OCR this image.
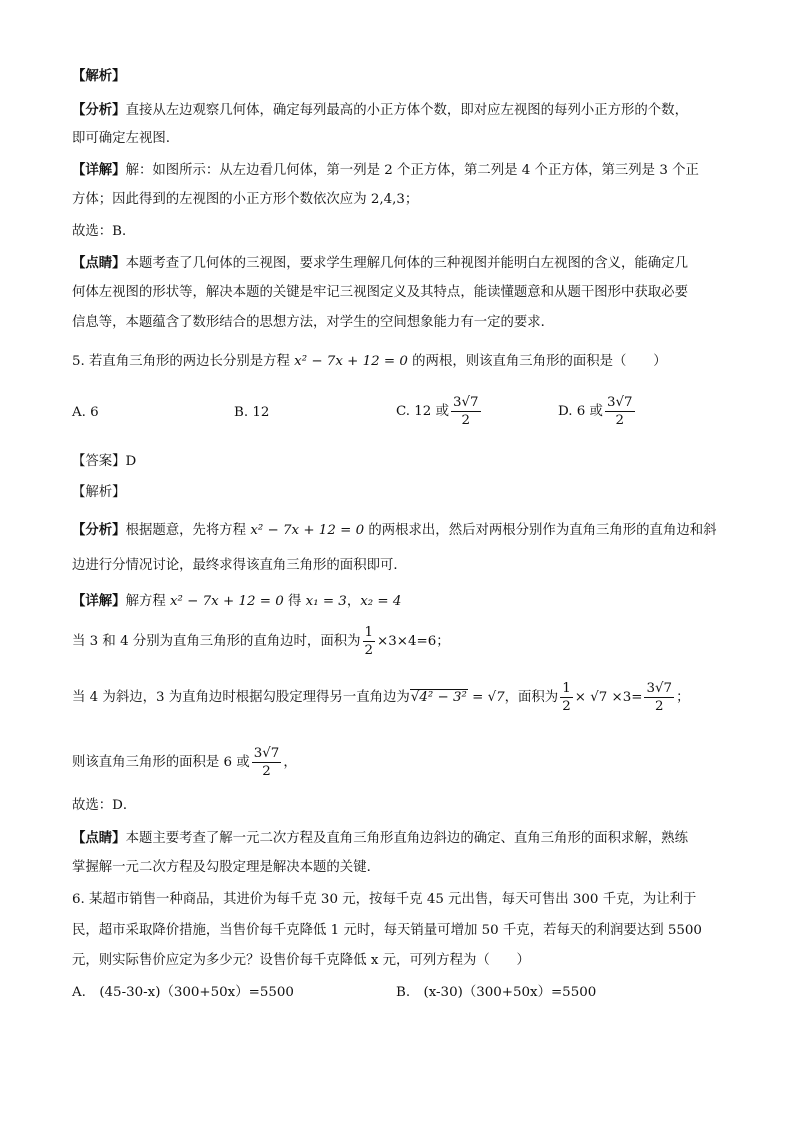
【解析】
【分析】直接从左边观察几何体，确定每列最高的小正方体个数，即对应左视图的每列小正方形的个数，
即可确定左视图.
【详解】解：如图所示：从左边看几何体，第一列是 2 个正方体，第二列是 4 个正方体，第三列是 3 个正
方体；因此得到的左视图的小正方形个数依次应为 2,4,3；
故选：B．
【点睛】本题考查了几何体的三视图，要求学生理解几何体的三种视图并能明白左视图的含义，能确定几
何体左视图的形状等，解决本题的关键是牢记三视图定义及其特点，能读懂题意和从题干图形中获取必要
信息等，本题蕴含了数形结合的思想方法，对学生的空间想象能力有一定的要求．
5. 若直角三角形的两边长分别是方程 x² − 7x + 12 = 0 的两根，则该直角三角形的面积是（　　）
A. 6	B. 12	C. 12 或 $\frac{3√7}{2}$	D. 6 或 $\frac{3√7}{2}$
【答案】D
【解析】
【分析】根据题意，先将方程 x² − 7x + 12 = 0 的两根求出，然后对两根分别作为直角三角形的直角边和斜
边进行分情况讨论，最终求得该直角三角形的面积即可．
【详解】解方程 x² − 7x + 12 = 0 得 x₁ = 3，x₂ = 4
当 3 和 4 分别为直角三角形的直角边时，面积为 $\frac{1}{2} \times 3\times 4=6$；
当 4 为斜边，3 为直角边时根据勾股定理得另一直角边为√4² − 3² = √7，面积为 $\frac{1}{2} \times √7 \times 3= \frac{3√7}{2}$ ；
则该直角三角形的面积是 6 或 $\frac{3√7}{2}$ ，
故选：D．
【点睛】本题主要考查了解一元二次方程及直角三角形直角边斜边的确定、直角三角形的面积求解，熟练
掌握解一元二次方程及勾股定理是解决本题的关键．
6. 某超市销售一种商品，其进价为每千克 30 元，按每千克 45 元出售，每天可售出 300 千克，为让利于
民，超市采取降价措施，当售价每千克降低 1 元时，每天销量可增加 50 千克，若每天的利润要达到 5500
元，则实际售价应定为多少元？设售价每千克降低 x 元，可列方程为（　　）
A.　(45-30-x)（300+50x）=5500	B.　(x-30)（300+50x）=5500
